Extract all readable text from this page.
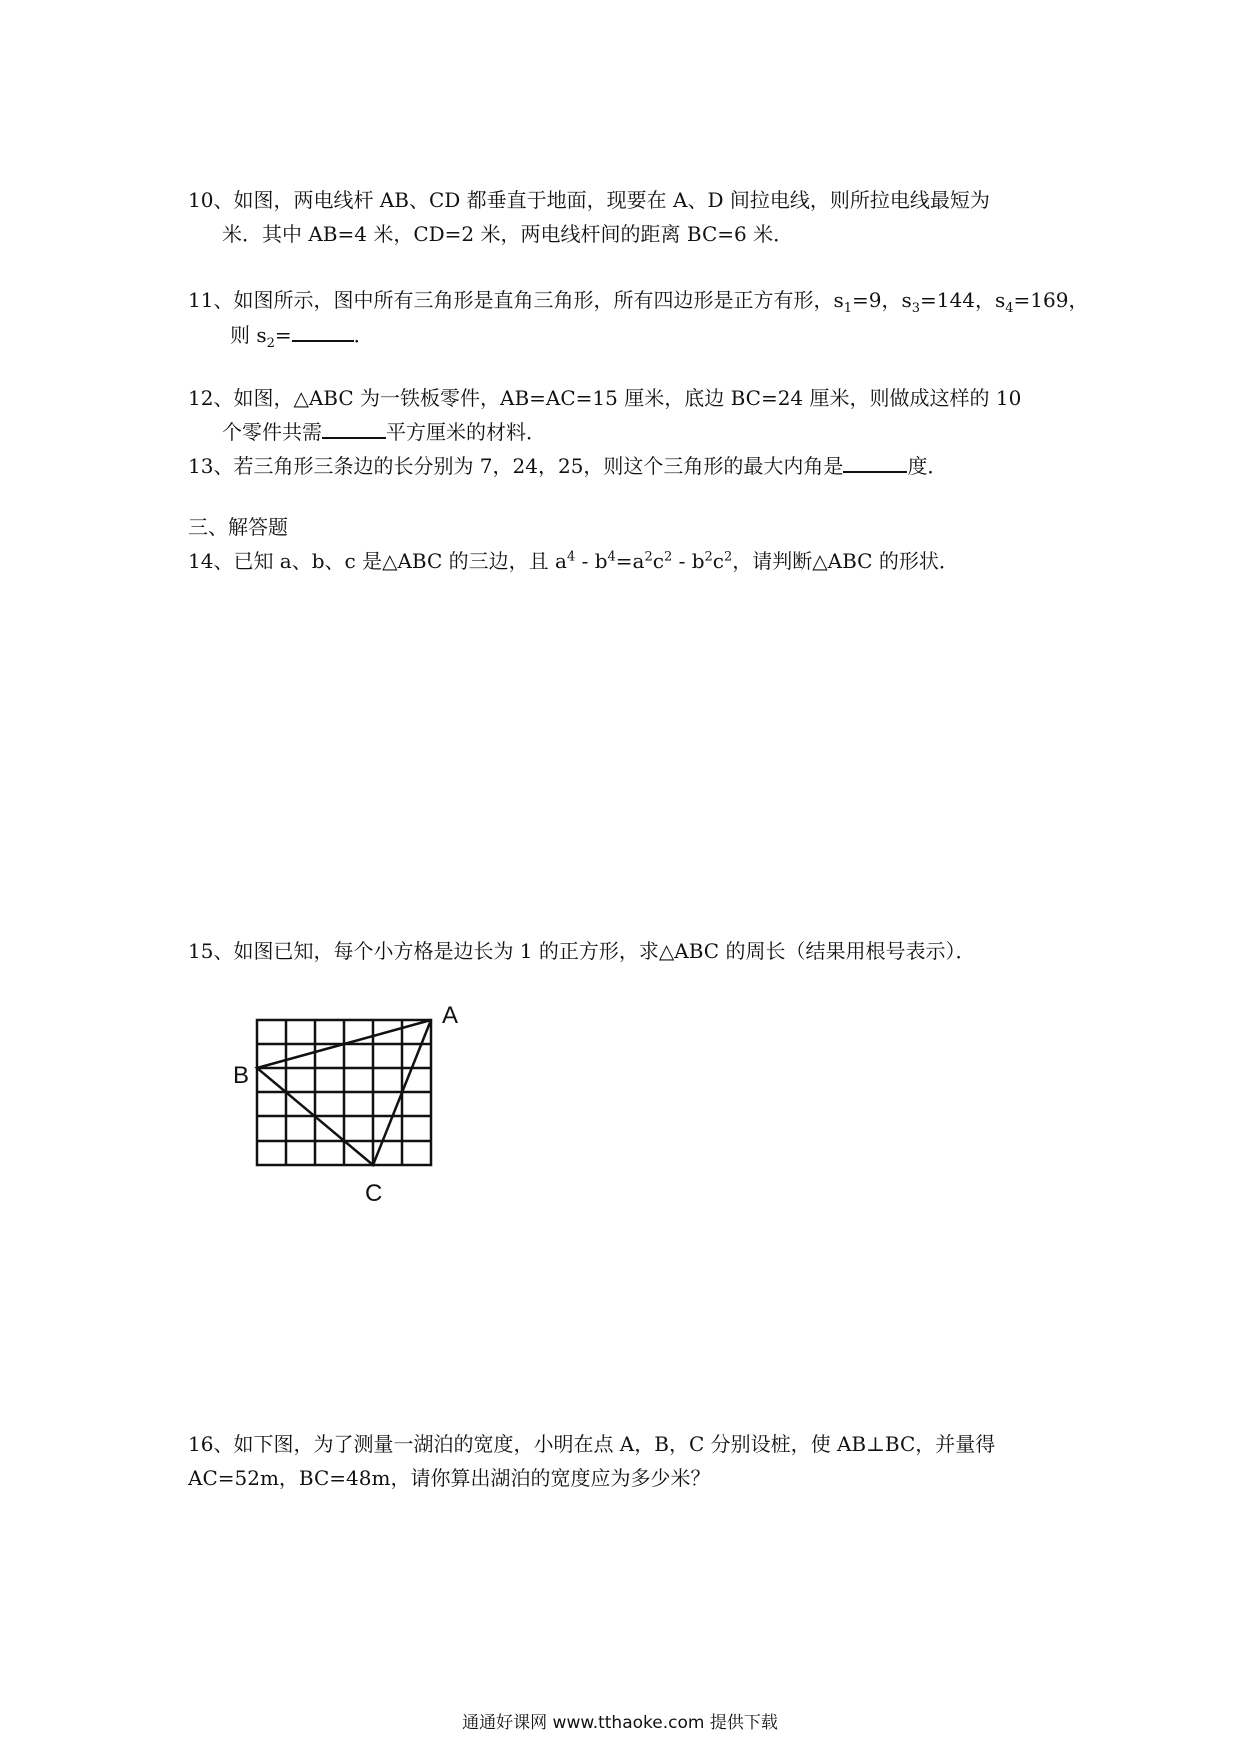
10、如图，两电线杆 AB、CD 都垂直于地面，现要在 A、D 间拉电线，则所拉电线最短为
米．其中 AB=4 米，CD=2 米，两电线杆间的距离 BC=6 米．
11、如图所示，图中所有三角形是直角三角形，所有四边形是正方有形，$s_1=9$，$s_3=144$，$s_4=169$，
则 $s_2=$	．
12、如图，△ABC 为一铁板零件，AB=AC=15 厘米，底边 BC=24 厘米，则做成这样的 10
个零件共需	平方厘米的材料．
13、若三角形三条边的长分别为 7，24，25，则这个三角形的最大内角是	度．
三、解答题
14、已知 a、b、c 是△ABC 的三边，且 $a^4 - b^4=a^2c^2 - b^2c^2$，请判断△ABC 的形状．
15、如图已知，每个小方格是边长为 1 的正方形，求△ABC 的周长（结果用根号表示）．
A
B
C
16、如下图，为了测量一湖泊的宽度，小明在点 A，B，C 分别设桩，使 AB⊥BC，并量得
AC=52m，BC=48m，请你算出湖泊的宽度应为多少米？
通通好课网 www.tthaoke.com 提供下载
